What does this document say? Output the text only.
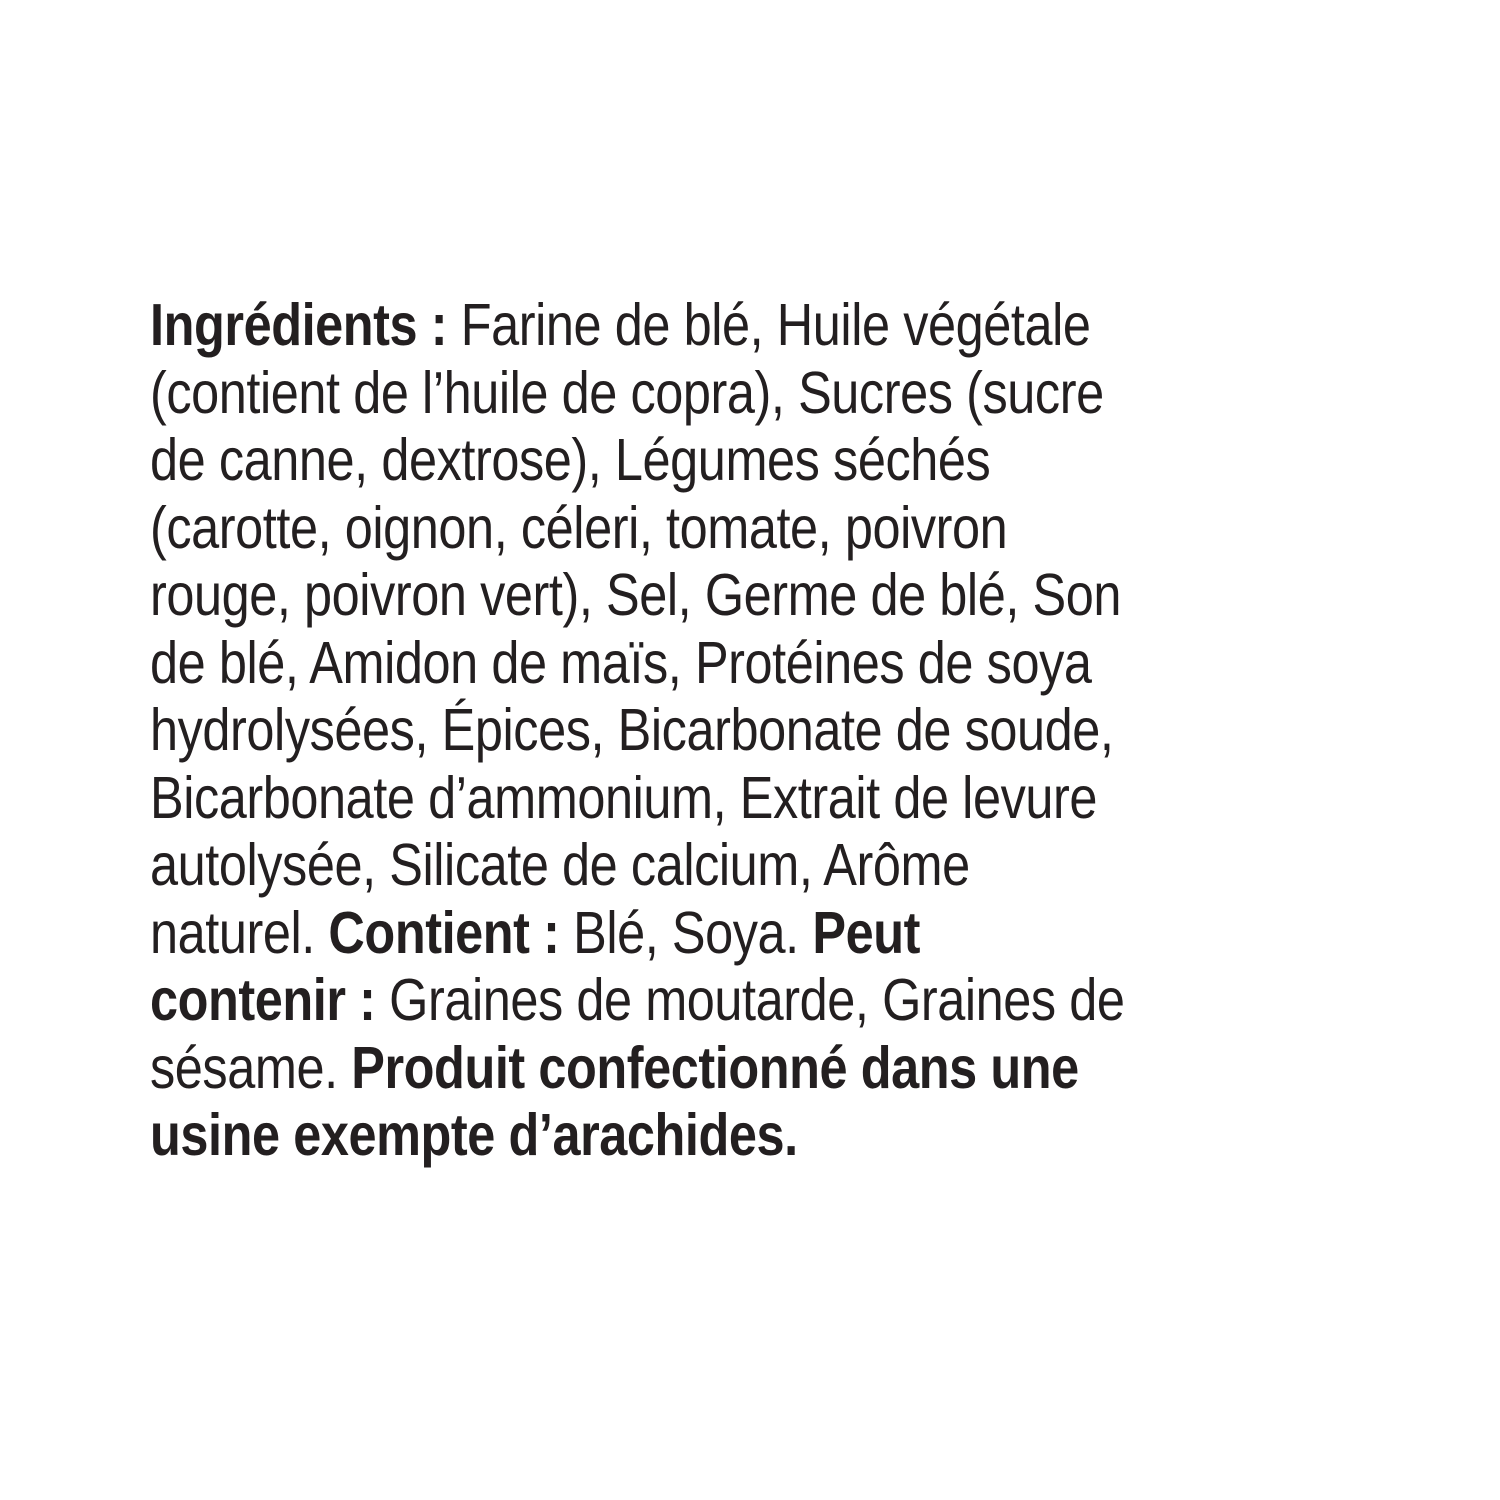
Ingrédients : Farine de blé, Huile végétale
(contient de l’huile de copra), Sucres (sucre
de canne, dextrose), Légumes séchés
(carotte, oignon, céleri, tomate, poivron
rouge, poivron vert), Sel, Germe de blé, Son
de blé, Amidon de maïs, Protéines de soya
hydrolysées, Épices, Bicarbonate de soude,
Bicarbonate d’ammonium, Extrait de levure
autolysée, Silicate de calcium, Arôme
naturel. Contient : Blé, Soya. Peut
contenir : Graines de moutarde, Graines de
sésame. Produit confectionné dans une
usine exempte d’arachides.
